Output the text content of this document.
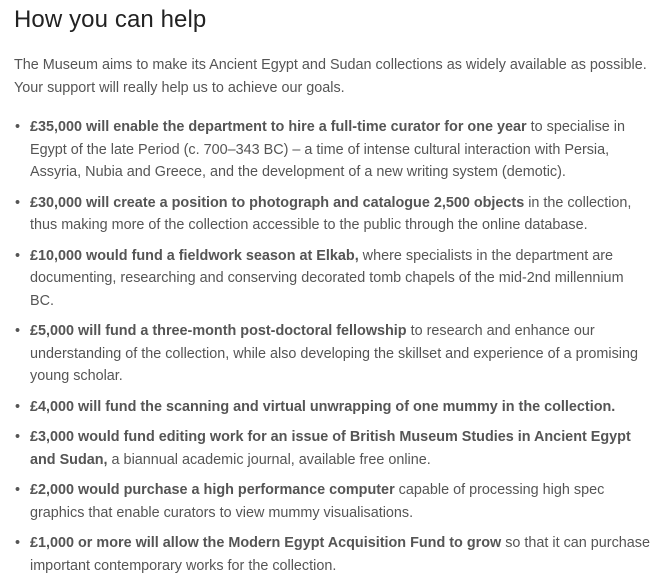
How you can help

The Museum aims to make its Ancient Egypt and Sudan collections as widely available as possible. Your support will really help us to achieve our goals.

• £35,000 will enable the department to hire a full-time curator for one year to specialise in Egypt of the late Period (c. 700–343 BC) – a time of intense cultural interaction with Persia, Assyria, Nubia and Greece, and the development of a new writing system (demotic).
• £30,000 will create a position to photograph and catalogue 2,500 objects in the collection, thus making more of the collection accessible to the public through the online database.
• £10,000 would fund a fieldwork season at Elkab, where specialists in the department are documenting, researching and conserving decorated tomb chapels of the mid-2nd millennium BC.
• £5,000 will fund a three-month post-doctoral fellowship to research and enhance our understanding of the collection, while also developing the skillset and experience of a promising young scholar.
• £4,000 will fund the scanning and virtual unwrapping of one mummy in the collection.
• £3,000 would fund editing work for an issue of British Museum Studies in Ancient Egypt and Sudan, a biannual academic journal, available free online.
• £2,000 would purchase a high performance computer capable of processing high spec graphics that enable curators to view mummy visualisations.
• £1,000 or more will allow the Modern Egypt Acquisition Fund to grow so that it can purchase important contemporary works for the collection.
